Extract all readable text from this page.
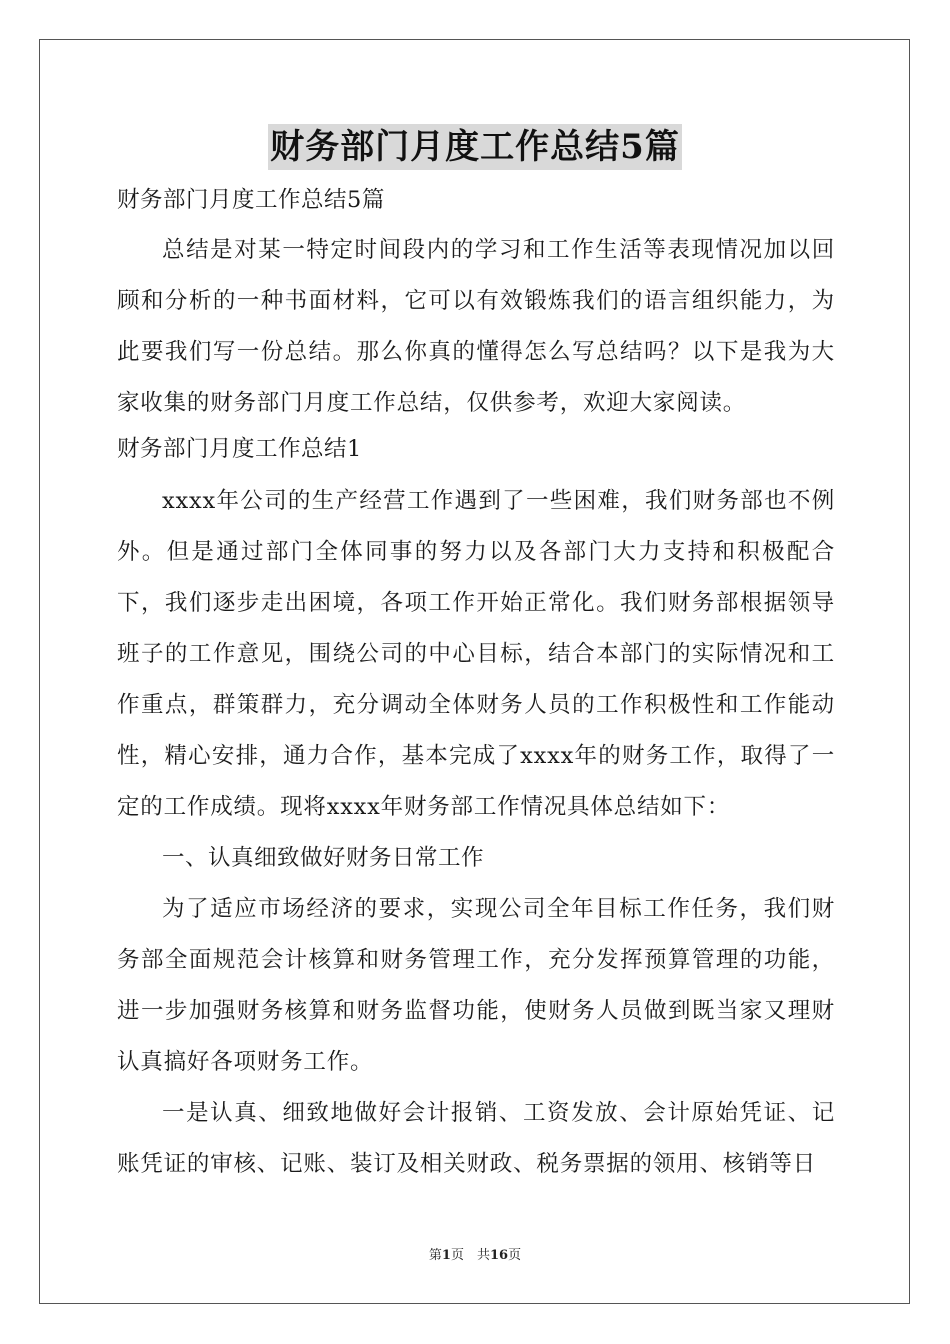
财务部门月度工作总结5篇

财务部门月度工作总结5篇

总结是对某一特定时间段内的学习和工作生活等表现情况加以回顾和分析的一种书面材料，它可以有效锻炼我们的语言组织能力，为此要我们写一份总结。那么你真的懂得怎么写总结吗？以下是我为大家收集的财务部门月度工作总结，仅供参考，欢迎大家阅读。

财务部门月度工作总结1

xxxx年公司的生产经营工作遇到了一些困难，我们财务部也不例外。但是通过部门全体同事的努力以及各部门大力支持和积极配合下，我们逐步走出困境，各项工作开始正常化。我们财务部根据领导班子的工作意见，围绕公司的中心目标，结合本部门的实际情况和工作重点，群策群力，充分调动全体财务人员的工作积极性和工作能动性，精心安排，通力合作，基本完成了xxxx年的财务工作，取得了一定的工作成绩。现将xxxx年财务部工作情况具体总结如下：

一、认真细致做好财务日常工作

为了适应市场经济的要求，实现公司全年目标工作任务，我们财务部全面规范会计核算和财务管理工作，充分发挥预算管理的功能，进一步加强财务核算和财务监督功能，使财务人员做到既当家又理财认真搞好各项财务工作。

一是认真、细致地做好会计报销、工资发放、会计原始凭证、记账凭证的审核、记账、装订及相关财政、税务票据的领用、核销等日

第1页　共16页
